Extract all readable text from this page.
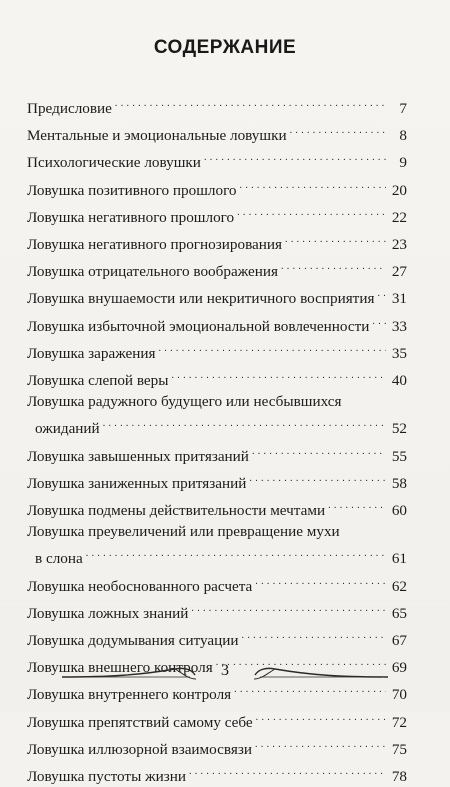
СОДЕРЖАНИЕ
Предисловие . . .	7
Ментальные и эмоциональные ловушки . . .	8
Психологические ловушки . . .	9
Ловушка позитивного прошлого . . .	20
Ловушка негативного прошлого . . .	22
Ловушка негативного прогнозирования . . .	23
Ловушка отрицательного воображения . . .	27
Ловушка внушаемости или некритичного восприятия . . . 31
Ловушка избыточной эмоциональной вовлеченности . . . 33
Ловушка заражения . . .	35
Ловушка слепой веры . . .	40
Ловушка радужного будущего или несбывшихся
ожиданий . . .	52
Ловушка завышенных притязаний . . .	55
Ловушка заниженных притязаний . . .	58
Ловушка подмены действительности мечтами . . .	60
Ловушка преувеличений или превращение мухи
в слона . . .	61
Ловушка необоснованного расчета . . .	62
Ловушка ложных знаний . . .	65
Ловушка додумывания ситуации . . .	67
Ловушка внешнего контроля . . .	69
Ловушка внутреннего контроля . . .	70
Ловушка препятствий самому себе . . .	72
Ловушка иллюзорной взаимосвязи . . .	75
Ловушка пустоты жизни . . .	78
3
